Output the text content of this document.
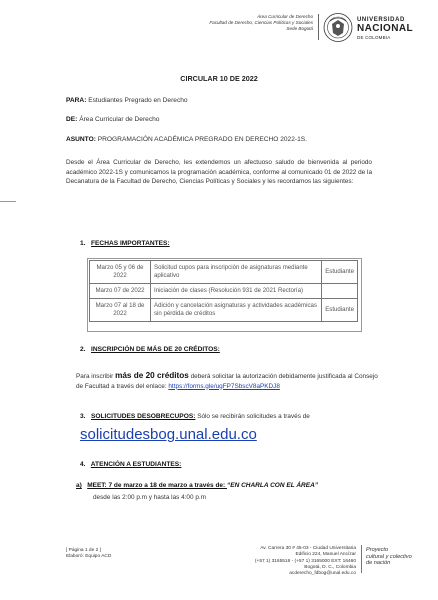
Área Curricular de Derecho
Facultad de Derecho, Ciencias Políticas y Sociales
Sede Bogotá
UNIVERSIDAD
NACIONAL
DE COLOMBIA
CIRCULAR 10 DE 2022
PARA: Estudiantes Pregrado en Derecho
DE: Área Curricular de Derecho
ASUNTO: PROGRAMACIÓN ACADÉMICA PREGRADO EN DERECHO 2022-1S.
Desde el Área Curricular de Derecho, les extendemos un afectuoso saludo de bienvenida al periodo académico 2022-1S y comunicamos la programación académica, conforme al comunicado 01 de 2022 de la Decanatura de la Facultad de Derecho, Ciencias Políticas y Sociales y les recordamos las siguientes:
1. FECHAS IMPORTANTES:
Marzo 05 y 06 de 2022	Solicitud cupos para inscripción de asignaturas mediante aplicativo	Estudiante
Marzo 07 de 2022	Iniciación de clases (Resolución 931 de 2021 Rectoría)	
Marzo 07 al 18 de 2022	Adición y cancelación asignaturas y actividades académicas sin pérdida de créditos	Estudiante
2. INSCRIPCIÓN DE MÁS DE 20 CRÉDITOS:
Para inscribir más de 20 créditos deberá solicitar la autorización debidamente justificada al Consejo de Facultad a través del enlace: https://forms.gle/ugFP7SbscV8aPKDJ8
3. SOLICITUDES DESOBRECUPOS: Sólo se recibirán solicitudes a través de
solicitudesbog.unal.edu.co
4. ATENCIÓN A ESTUDIANTES:
a) MEET: 7 de marzo a 18 de marzo a través de: “EN CHARLA CON EL ÁREA”
desde las 2:00 p.m y hasta las 4:00 p.m
[ Página 1 de 2 ]
Elaboró: Equipo ACD
Av. Carrera 30 # 45-03 - Ciudad Universitaria
Edificio 224, Manuel Ancízar
(+57 1) 3165516 - (+57 1) 3165000 EXT: 16460
Bogotá, D. C., Colombia
acderecho_fdbog@unal.edu.co
Proyecto
cultural y colectivo
de nación
